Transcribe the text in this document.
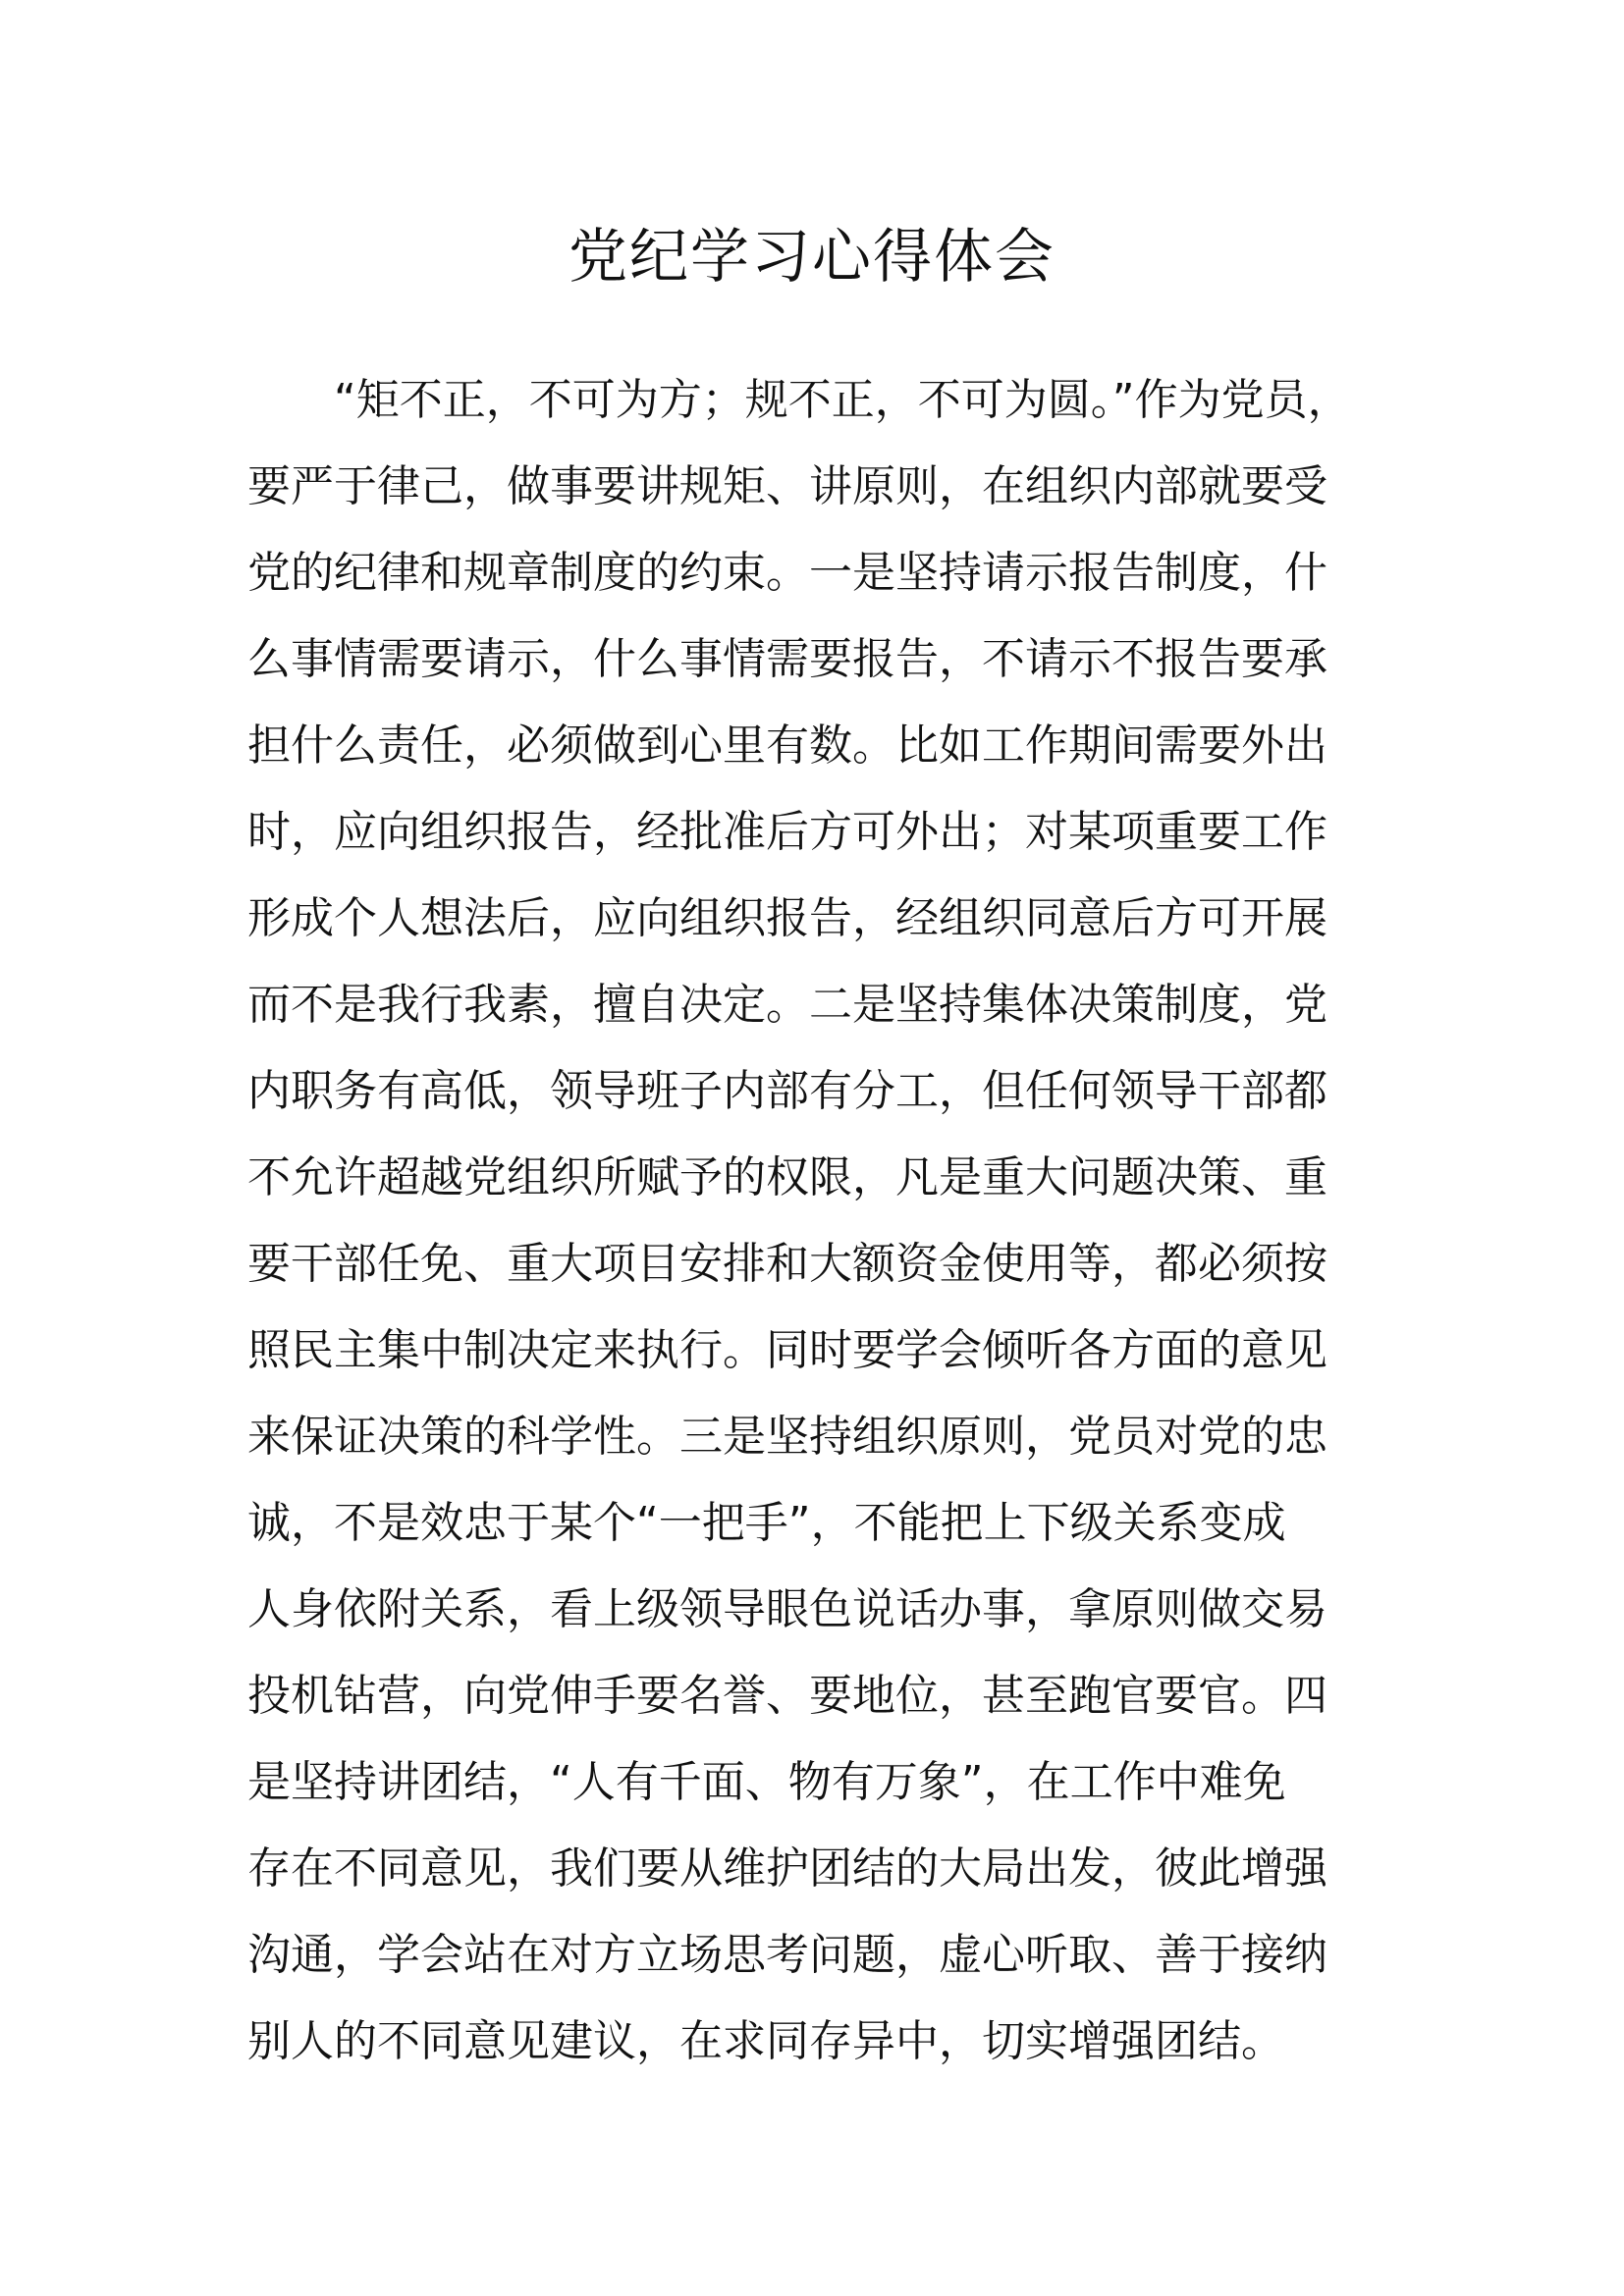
党纪学习心得体会
“矩不正，不可为方；规不正，不可为圆。”作为党员，
要严于律己，做事要讲规矩、讲原则，在组织内部就要受
党的纪律和规章制度的约束。一是坚持请示报告制度，什
么事情需要请示，什么事情需要报告，不请示不报告要承
担什么责任，必须做到心里有数。比如工作期间需要外出
时，应向组织报告，经批准后方可外出；对某项重要工作
形成个人想法后，应向组织报告，经组织同意后方可开展
而不是我行我素，擅自决定。二是坚持集体决策制度，党
内职务有高低，领导班子内部有分工，但任何领导干部都
不允许超越党组织所赋予的权限，凡是重大问题决策、重
要干部任免、重大项目安排和大额资金使用等，都必须按
照民主集中制决定来执行。同时要学会倾听各方面的意见
来保证决策的科学性。三是坚持组织原则，党员对党的忠
诚，不是效忠于某个“一把手”，不能把上下级关系变成
人身依附关系，看上级领导眼色说话办事，拿原则做交易
投机钻营，向党伸手要名誉、要地位，甚至跑官要官。四
是坚持讲团结，“人有千面、物有万象”，在工作中难免
存在不同意见，我们要从维护团结的大局出发，彼此增强
沟通，学会站在对方立场思考问题，虚心听取、善于接纳
别人的不同意见建议，在求同存异中，切实增强团结。
